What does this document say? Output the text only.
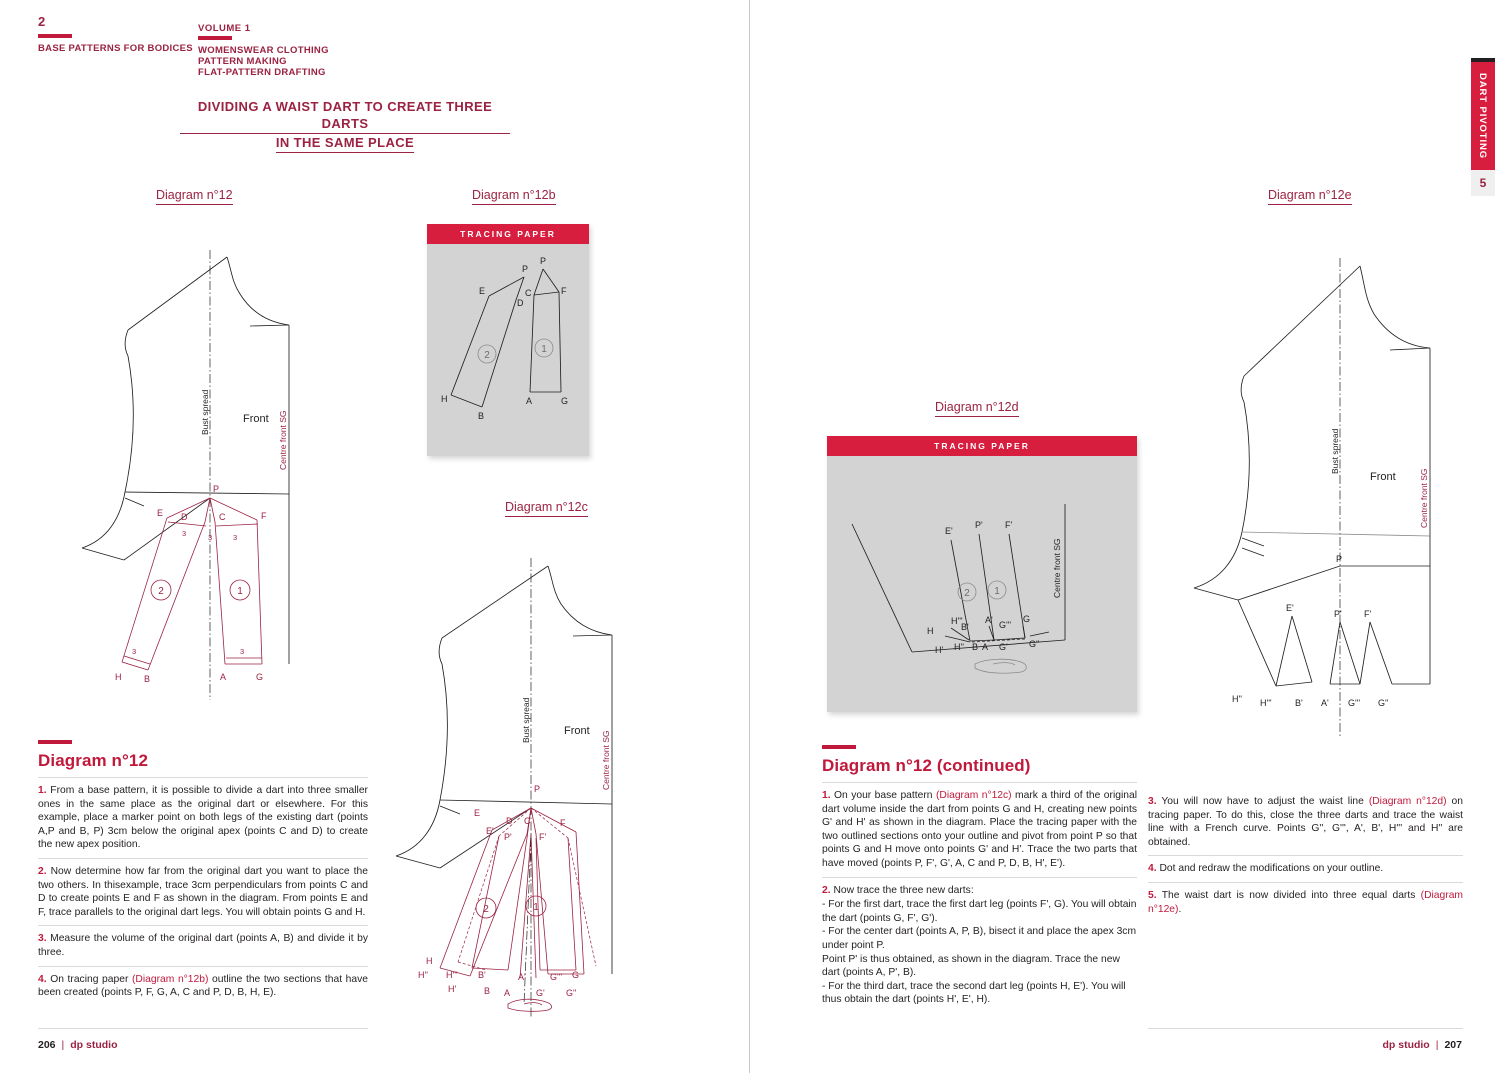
2
BASE PATTERNS FOR BODICES
VOLUME 1
WOMENSWEAR CLOTHING
PATTERN MAKING
FLAT-PATTERN DRAFTING
DIVIDING A WAIST DART TO CREATE THREE DARTS
IN THE SAME PLACE
Diagram n°12
Bust spread	Centre front SG
Front
3	3	3
3	3
P
E D	C	F
H	B	A	G
2	1
Diagram n°12b
TRACING PAPER
P
P
E
D
C	F
H
B
A	G
2
1
Diagram n°12c
Bust spread
Centre front SG
Front
P
E
E'
D C
P'	F'
F
H
H'' H'''
H'
B'
B A
A'
G'
G'''
G''
G
2	1
Diagram n°12

1. From a base pattern, it is possible to divide a dart into three smaller ones in the same place as the original dart or elsewhere. For this example, place a marker point on both legs of the existing dart (points A,P and B, P) 3cm below the original apex (points C and D) to create the new apex position.

2. Now determine how far from the original dart you want to place the two others. In thisexample, trace 3cm perpendiculars from points C and D to create points E and F as shown in the diagram. From points E and F, trace parallels to the original dart legs. You will obtain points G and H.

3. Measure the volume of the original dart (points A, B) and divide it by three.

4. On tracing paper (Diagram n°12b) outline the two sections that have been created (points P, F, G, A, C and P, D, B, H, E).

206 | dp studio
DART PIVOTING
5
Diagram n°12e
Bust spread
Centre front SG
Front
P
E'
P' F'
H'' H'''	B' A' G''' G''
Diagram n°12d
TRACING PAPER
Centre front SG
E'
P' F'
H
H'''
H' H''
B'
B A
A'
G'
G'''
G''
G
2 1
Diagram n°12 (continued)

1. On your base pattern (Diagram n°12c) mark a third of the original dart volume inside the dart from points G and H, creating new points G' and H' as shown in the diagram. Place the tracing paper with the two outlined sections onto your outline and pivot from point P so that points G and H move onto points G' and H'. Trace the two parts that have moved (points P, F', G', A, C and P, D, B, H', E').

2. Now trace the three new darts:

- For the first dart, trace the first dart leg (points F', G). You will obtain the dart (points G, F', G').

- For the center dart (points A, P, B), bisect it and place the apex 3cm under point P.

Point P' is thus obtained, as shown in the diagram. Trace the new dart (points A, P', B).

- For the third dart, trace the second dart leg (points H, E'). You will thus obtain the dart (points H', E', H).

3. You will now have to adjust the waist line (Diagram n°12d) on tracing paper. To do this, close the three darts and trace the waist line with a French curve. Points G'', G''', A', B', H''' and H'' are obtained.

4. Dot and redraw the modifications on your outline.

5. The waist dart is now divided into three equal darts (Diagram n°12e).

dp studio | 207
